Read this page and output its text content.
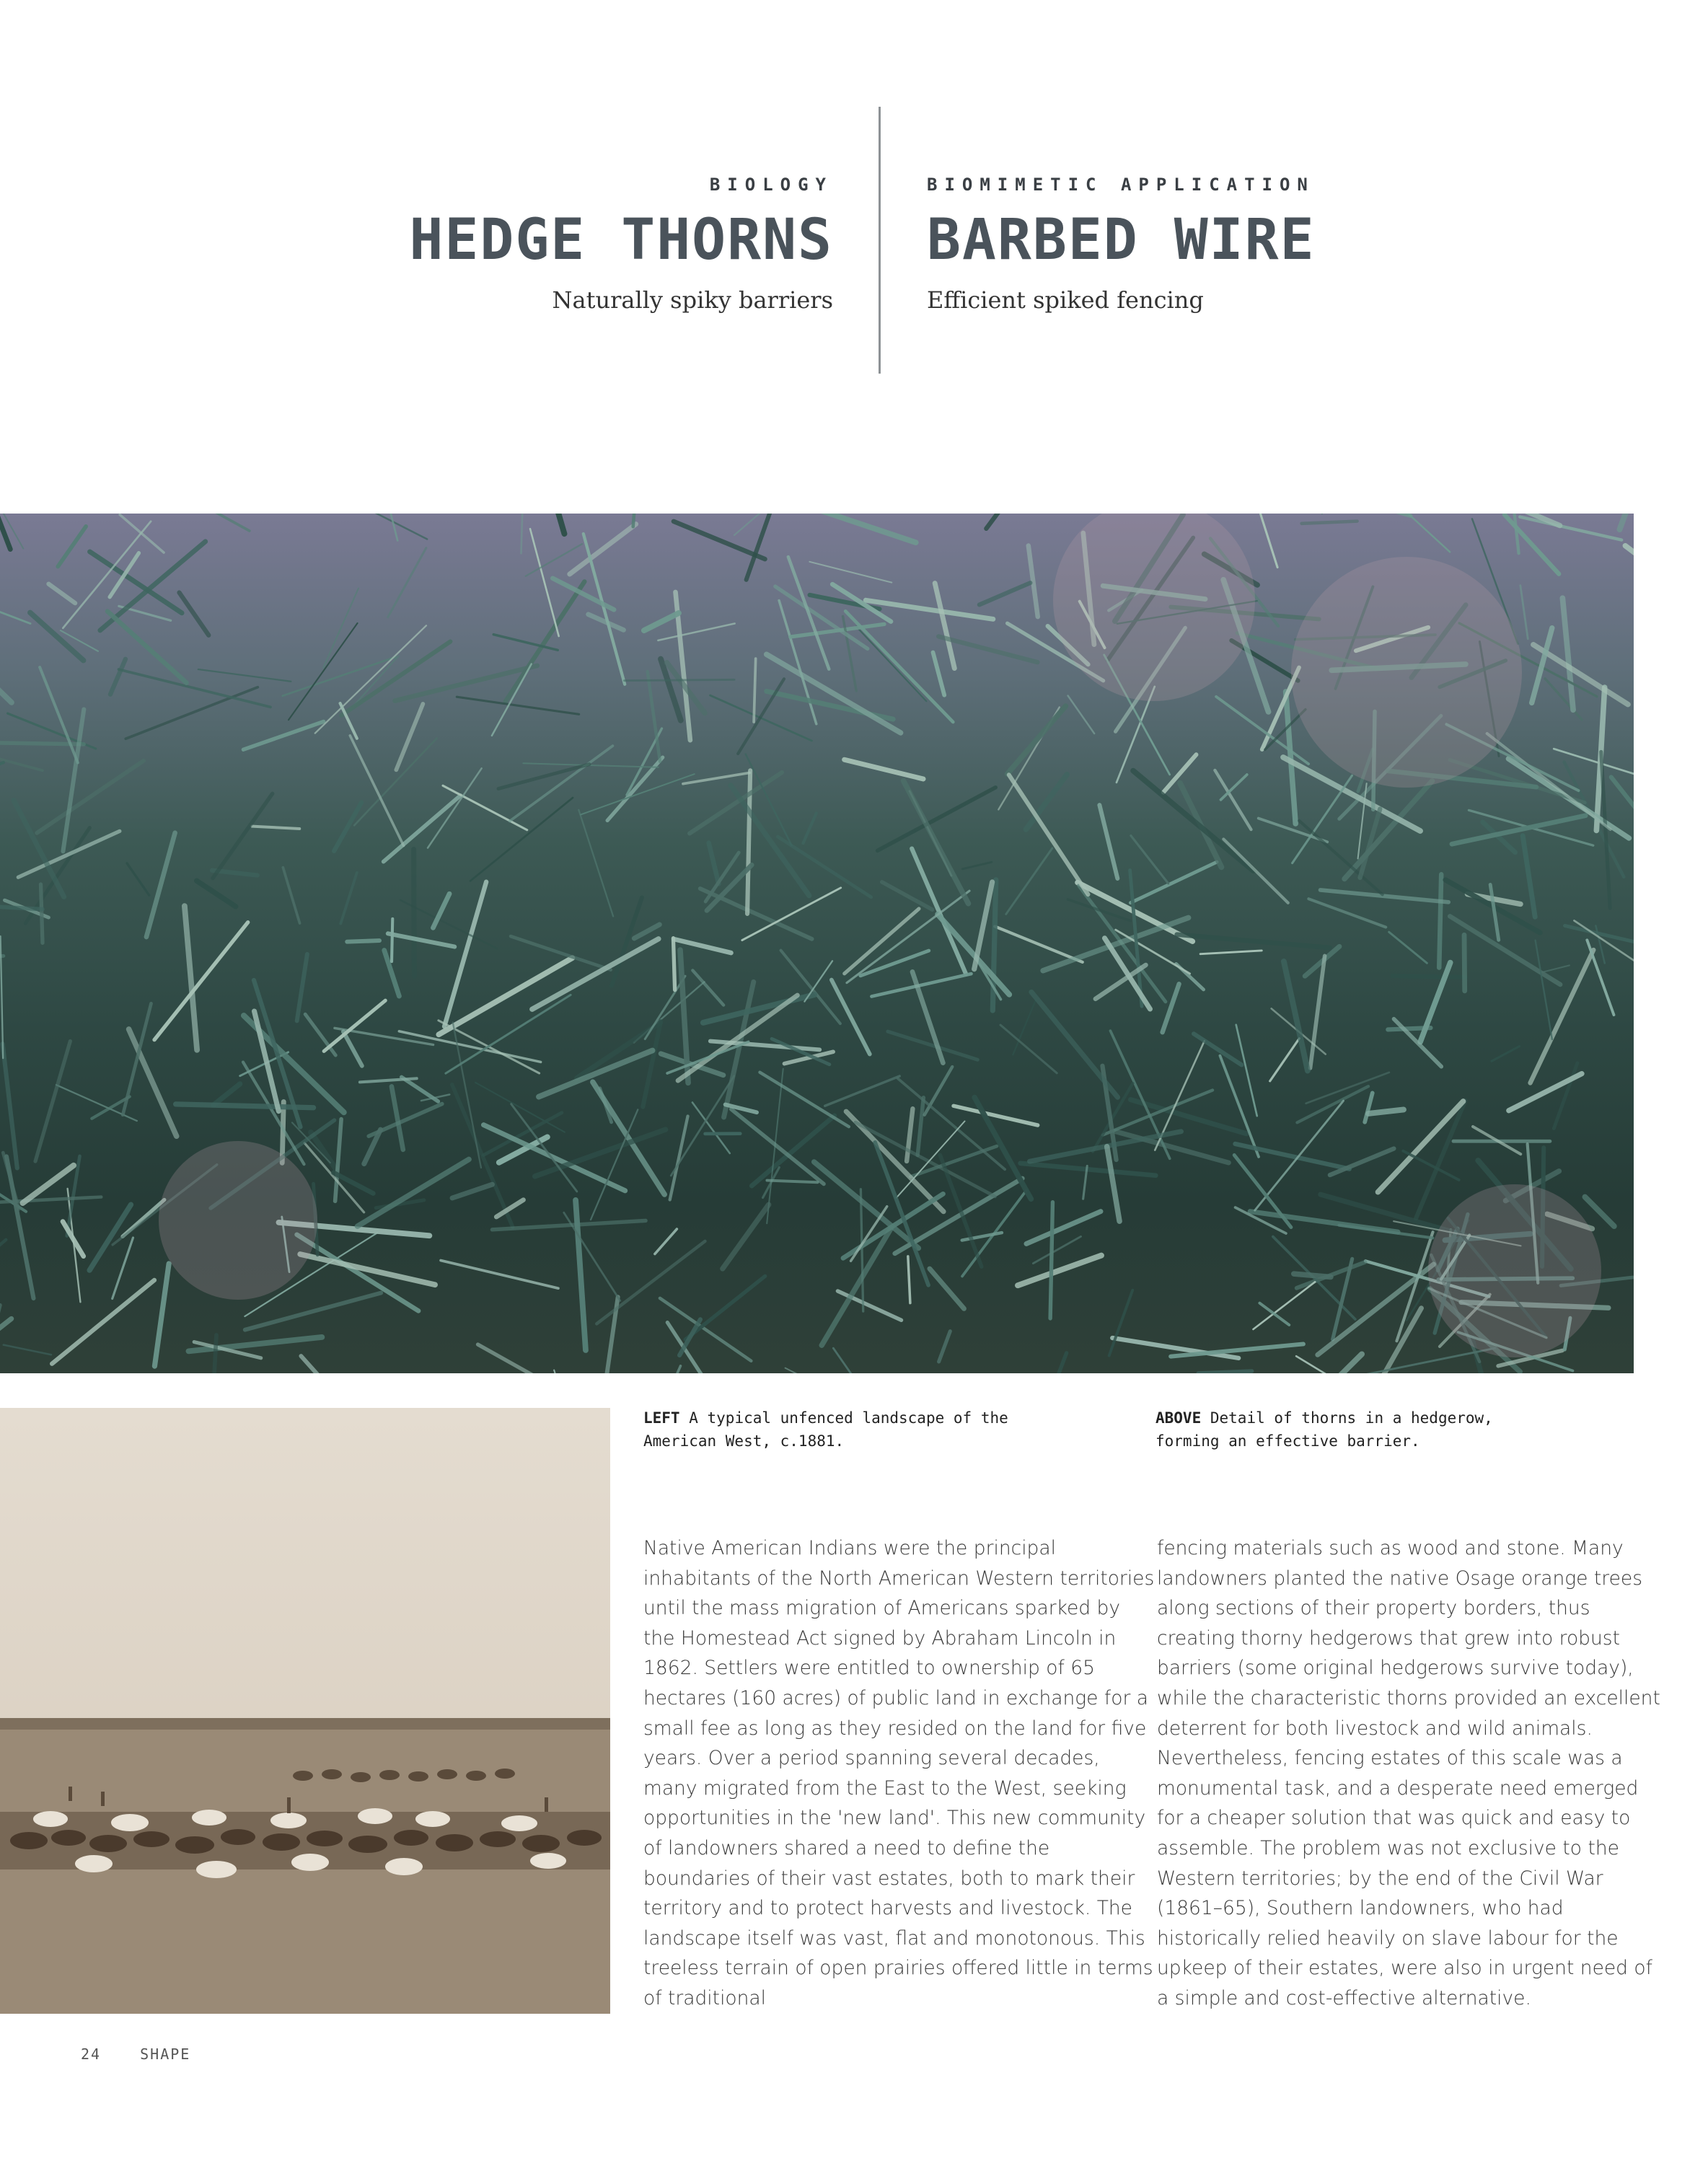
BIOLOGY

HEDGE THORNS

Naturally spiky barriers

BIOMIMETIC APPLICATION

BARBED WIRE

Efficient spiked fencing

LEFT A typical unfenced landscape of the American West, c.1881.

ABOVE Detail of thorns in a hedgerow, forming an effective barrier.

Native American Indians were the principal inhabitants of the North American Western territories until the mass migration of Americans sparked by the Homestead Act signed by Abraham Lincoln in 1862. Settlers were entitled to ownership of 65 hectares (160 acres) of public land in exchange for a small fee as long as they resided on the land for five years. Over a period spanning several decades, many migrated from the East to the West, seeking opportunities in the 'new land'. This new community of landowners shared a need to define the boundaries of their vast estates, both to mark their territory and to protect harvests and livestock. The landscape itself was vast, flat and monotonous. This treeless terrain of open prairies offered little in terms of traditional

fencing materials such as wood and stone. Many landowners planted the native Osage orange trees along sections of their property borders, thus creating thorny hedgerows that grew into robust barriers (some original hedgerows survive today), while the characteristic thorns provided an excellent deterrent for both livestock and wild animals. Nevertheless, fencing estates of this scale was a monumental task, and a desperate need emerged for a cheaper solution that was quick and easy to assemble. The problem was not exclusive to the Western territories; by the end of the Civil War (1861–65), Southern landowners, who had historically relied heavily on slave labour for the upkeep of their estates, were also in urgent need of a simple and cost-effective alternative.

24	SHAPE
